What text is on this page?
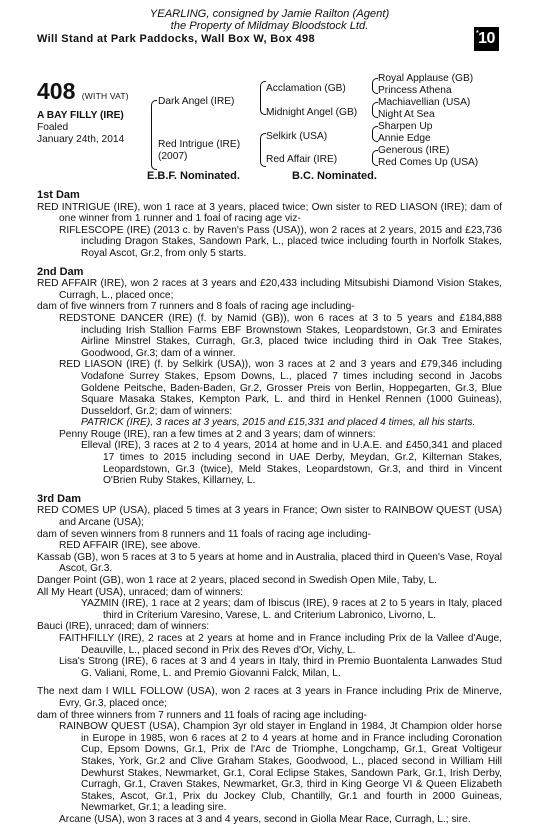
YEARLING, consigned by Jamie Railton (Agent)
the Property of Mildmay Bloodstock Ltd.
Will Stand at Park Paddocks, Wall Box W, Box 498	* 10
408 (WITH VAT)
A BAY FILLY (IRE)
Foaled
January 24th, 2014
Dark Angel (IRE)
Red Intrigue (IRE)
(2007)
Acclamation (GB)
Midnight Angel (GB)
Selkirk (USA)
Red Affair (IRE)
Royal Applause (GB)
Princess Athena
Machiavellian (USA)
Night At Sea
Sharpen Up
Annie Edge
Generous (IRE)
Red Comes Up (USA)
E.B.F. Nominated.	B.C. Nominated.

1st Dam

RED INTRIGUE (IRE), won 1 race at 3 years, placed twice; Own sister to RED LIASON (IRE); dam of one winner from 1 runner and 1 foal of racing age viz-

RIFLESCOPE (IRE) (2013 c. by Raven's Pass (USA)), won 2 races at 2 years, 2015 and £23,736 including Dragon Stakes, Sandown Park, L., placed twice including fourth in Norfolk Stakes, Royal Ascot, Gr.2, from only 5 starts.

2nd Dam

RED AFFAIR (IRE), won 2 races at 3 years and £20,433 including Mitsubishi Diamond Vision Stakes, Curragh, L., placed once;

dam of five winners from 7 runners and 8 foals of racing age including-

REDSTONE DANCER (IRE) (f. by Namid (GB)), won 6 races at 3 to 5 years and £184,888 including Irish Stallion Farms EBF Brownstown Stakes, Leopardstown, Gr.3 and Emirates Airline Minstrel Stakes, Curragh, Gr.3, placed twice including third in Oak Tree Stakes, Goodwood, Gr.3; dam of a winner.

RED LIASON (IRE) (f. by Selkirk (USA)), won 3 races at 2 and 3 years and £79,346 including Vodafone Surrey Stakes, Epsom Downs, L., placed 7 times including second in Jacobs Goldene Peitsche, Baden-Baden, Gr.2, Grosser Preis von Berlin, Hoppegarten, Gr.3, Blue Square Masaka Stakes, Kempton Park, L. and third in Henkel Rennen (1000 Guineas), Dusseldorf, Gr.2; dam of winners:

PATRICK (IRE), 3 races at 3 years, 2015 and £15,331 and placed 4 times, all his starts.

Penny Rouge (IRE), ran a few times at 2 and 3 years; dam of winners:

Elleval (IRE), 3 races at 2 to 4 years, 2014 at home and in U.A.E. and £450,341 and placed 17 times to 2015 including second in UAE Derby, Meydan, Gr.2, Kilternan Stakes, Leopardstown, Gr.3 (twice), Meld Stakes, Leopardstown, Gr.3, and third in Vincent O'Brien Ruby Stakes, Killarney, L.

3rd Dam

RED COMES UP (USA), placed 5 times at 3 years in France; Own sister to RAINBOW QUEST (USA) and Arcane (USA);

dam of seven winners from 8 runners and 11 foals of racing age including-

RED AFFAIR (IRE), see above.

Kassab (GB), won 5 races at 3 to 5 years at home and in Australia, placed third in Queen's Vase, Royal Ascot, Gr.3.

Danger Point (GB), won 1 race at 2 years, placed second in Swedish Open Mile, Taby, L.

All My Heart (USA), unraced; dam of winners:

YAZMIN (IRE), 1 race at 2 years; dam of Ibiscus (IRE), 9 races at 2 to 5 years in Italy, placed third in Criterium Varesino, Varese, L. and Criterium Labronico, Livorno, L.

Bauci (IRE), unraced; dam of winners:

FAITHFILLY (IRE), 2 races at 2 years at home and in France including Prix de la Vallee d'Auge, Deauville, L., placed second in Prix des Reves d'Or, Vichy, L.

Lisa's Strong (IRE), 6 races at 3 and 4 years in Italy, third in Premio Buontalenta Lanwades Stud G. Valiani, Rome, L. and Premio Giovanni Falck, Milan, L.

The next dam I WILL FOLLOW (USA), won 2 races at 3 years in France including Prix de Minerve, Evry, Gr.3, placed once;

dam of three winners from 7 runners and 11 foals of racing age including-

RAINBOW QUEST (USA), Champion 3yr old stayer in England in 1984, Jt Champion older horse in Europe in 1985, won 6 races at 2 to 4 years at home and in France including Coronation Cup, Epsom Downs, Gr.1, Prix de l'Arc de Triomphe, Longchamp, Gr.1, Great Voltigeur Stakes, York, Gr.2 and Clive Graham Stakes, Goodwood, L., placed second in William Hill Dewhurst Stakes, Newmarket, Gr.1, Coral Eclipse Stakes, Sandown Park, Gr.1, Irish Derby, Curragh, Gr.1, Craven Stakes, Newmarket, Gr.3, third in King George VI & Queen Elizabeth Stakes, Ascot, Gr.1, Prix du Jockey Club, Chantilly, Gr.1 and fourth in 2000 Guineas, Newmarket, Gr.1; a leading sire.

Arcane (USA), won 3 races at 3 and 4 years, second in Giolla Mear Race, Curragh, L.; sire.
